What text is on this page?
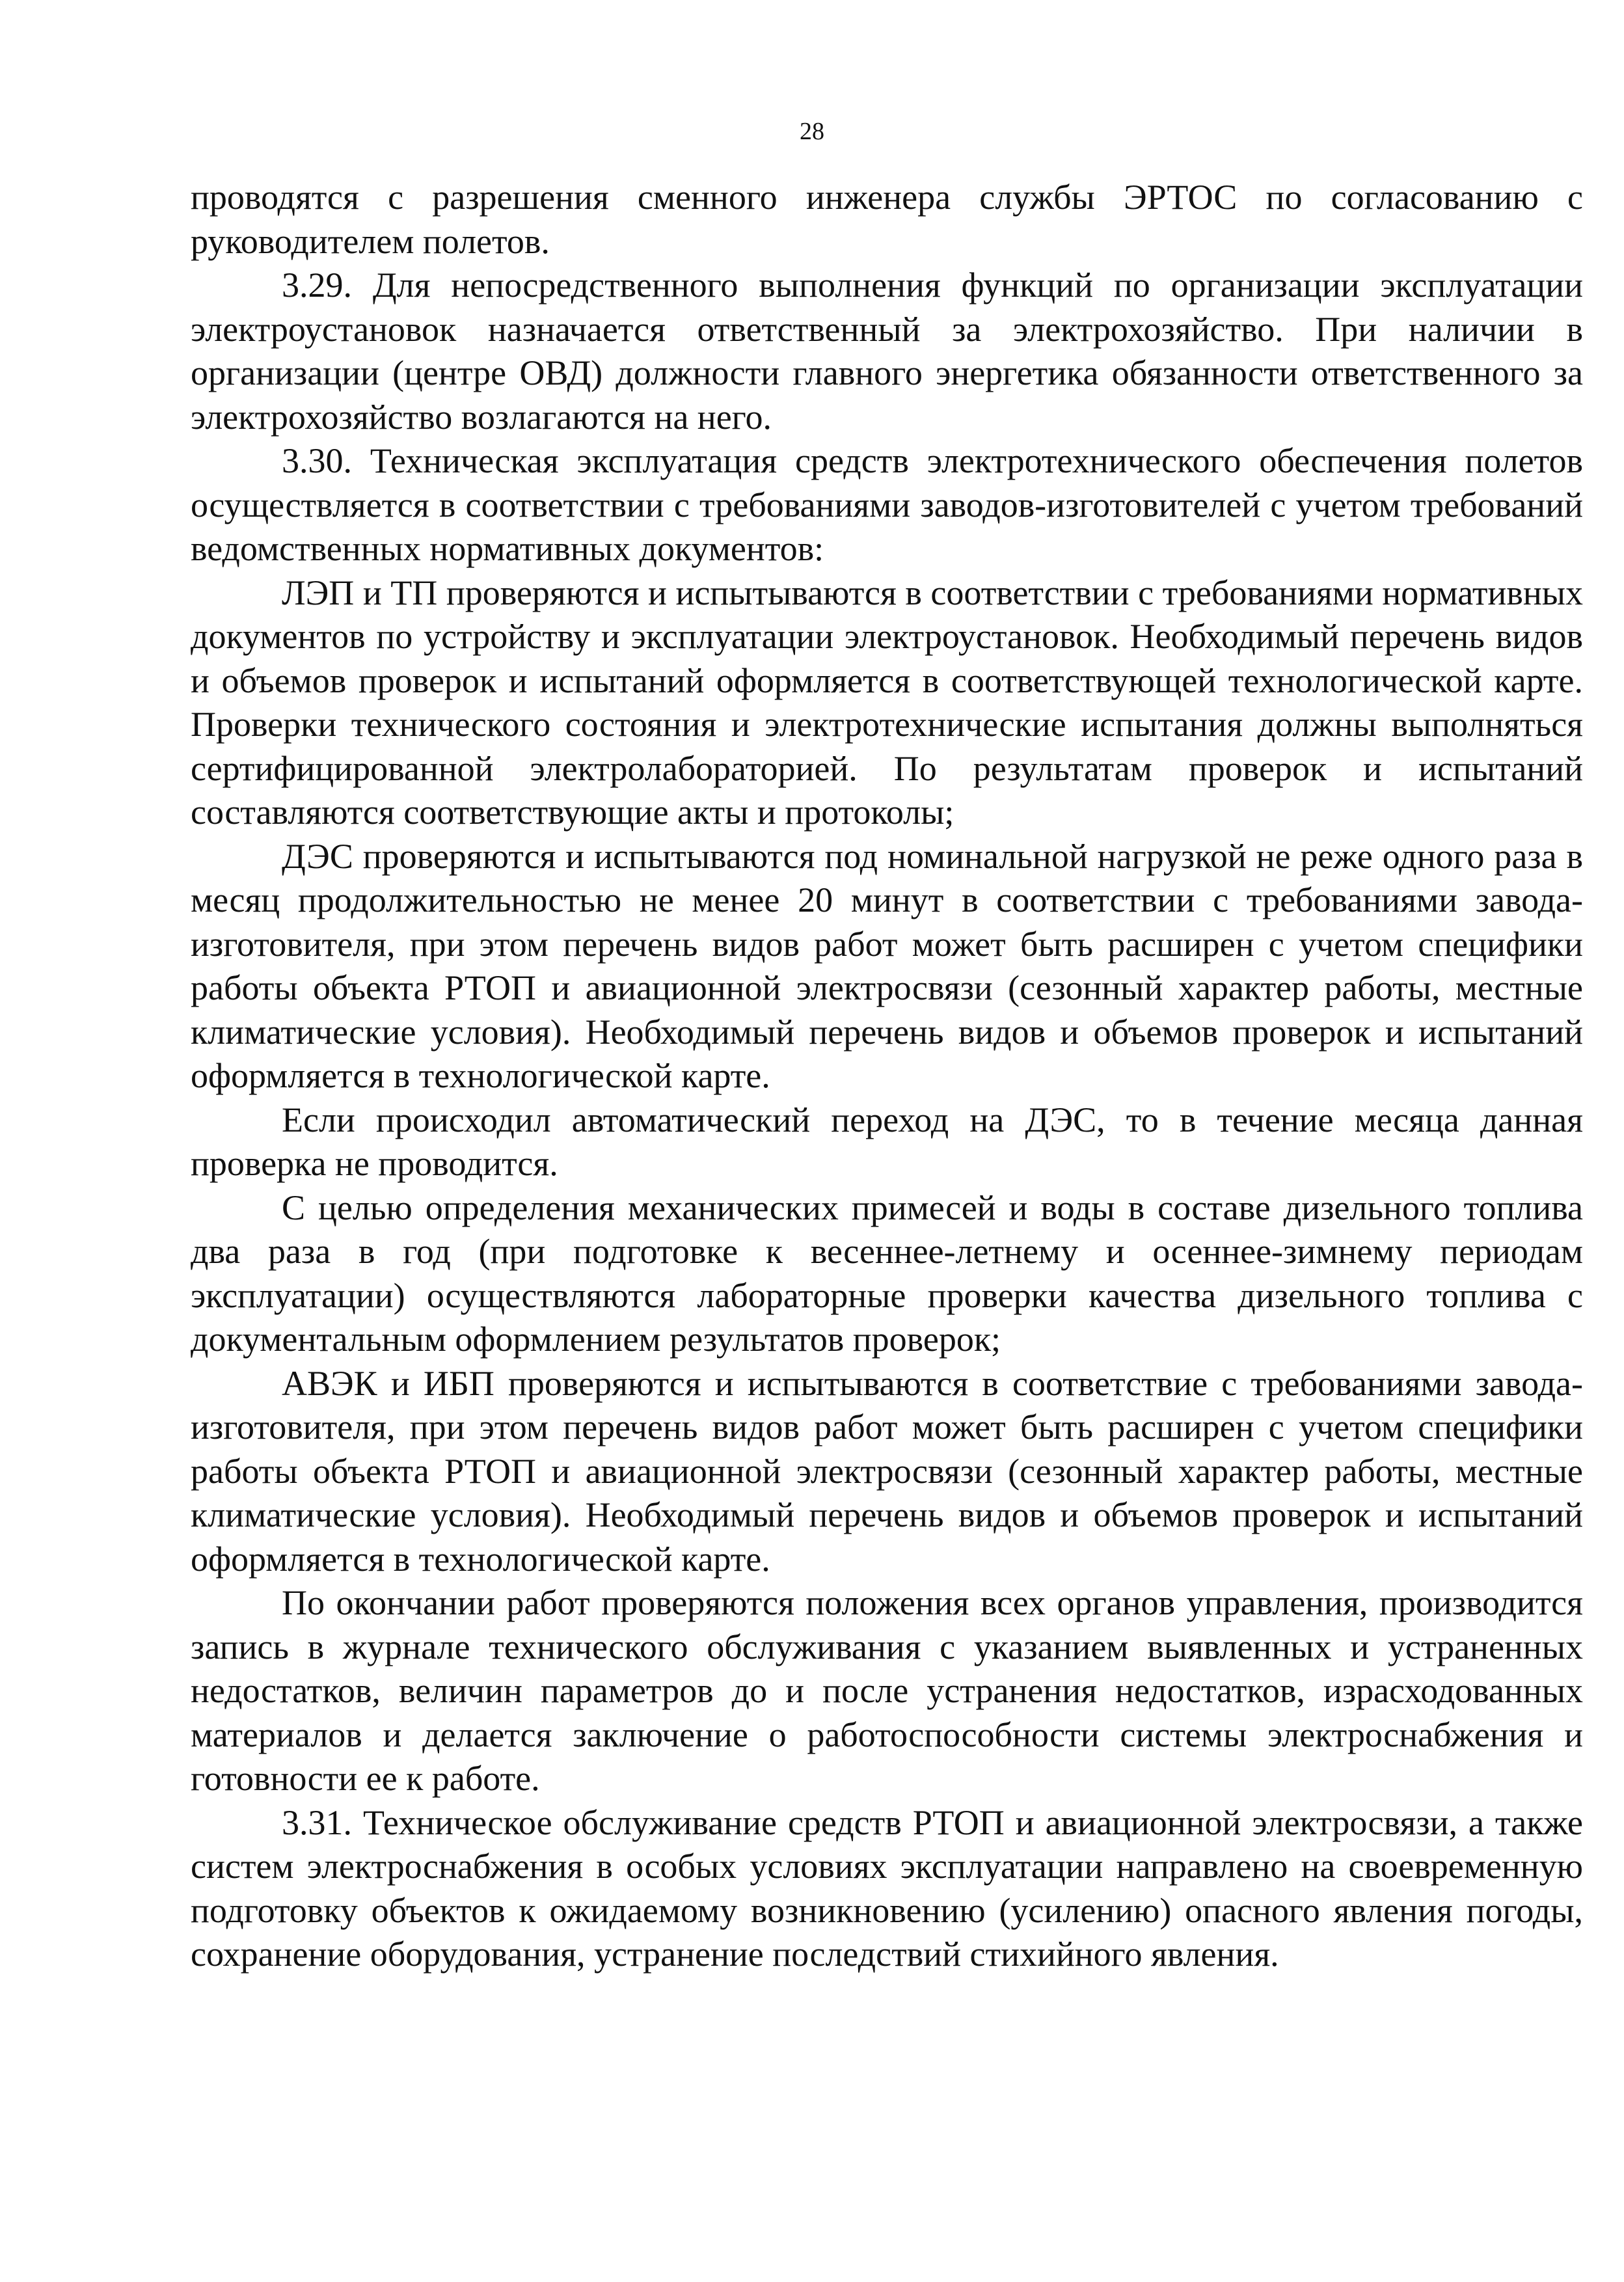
28

проводятся с разрешения сменного инженера службы ЭРТОС по согласованию с руководителем полетов.

3.29. Для непосредственного выполнения функций по организации эксплуатации электроустановок назначается ответственный за электрохозяйство. При наличии в организации (центре ОВД) должности главного энергетика обязанности ответственного за электрохозяйство возлагаются на него.

3.30. Техническая эксплуатация средств электротехнического обеспечения полетов осуществляется в соответствии с требованиями заводов-изготовителей с учетом требований ведомственных нормативных документов:

ЛЭП и ТП проверяются и испытываются в соответствии с требованиями нормативных документов по устройству и эксплуатации электроустановок. Необходимый перечень видов и объемов проверок и испытаний оформляется в соответствующей технологической карте. Проверки технического состояния и электротехнические испытания должны выполняться сертифицированной электролабораторией. По результатам проверок и испытаний составляются соответствующие акты и протоколы;

ДЭС проверяются и испытываются под номинальной нагрузкой не реже одного раза в месяц продолжительностью не менее 20 минут в соответствии с требованиями завода-изготовителя, при этом перечень видов работ может быть расширен с учетом специфики работы объекта РТОП и авиационной электросвязи (сезонный характер работы, местные климатические условия). Необходимый перечень видов и объемов проверок и испытаний оформляется в технологической карте.

Если происходил автоматический переход на ДЭС, то в течение месяца данная проверка не проводится.

С целью определения механических примесей и воды в составе дизельного топлива два раза в год (при подготовке к весеннее-летнему и осеннее-зимнему периодам эксплуатации) осуществляются лабораторные проверки качества дизельного топлива с документальным оформлением результатов проверок;

АВЭК и ИБП проверяются и испытываются в соответствие с требованиями завода-изготовителя, при этом перечень видов работ может быть расширен с учетом специфики работы объекта РТОП и авиационной электросвязи (сезонный характер работы, местные климатические условия). Необходимый перечень видов и объемов проверок и испытаний оформляется в технологической карте.

По окончании работ проверяются положения всех органов управления, производится запись в журнале технического обслуживания с указанием выявленных и устраненных недостатков, величин параметров до и после устранения недостатков, израсходованных материалов и делается заключение о работоспособности системы электроснабжения и готовности ее к работе.

3.31. Техническое обслуживание средств РТОП и авиационной электросвязи, а также систем электроснабжения в особых условиях эксплуатации направлено на своевременную подготовку объектов к ожидаемому возникновению (усилению) опасного явления погоды, сохранение оборудования, устранение последствий стихийного явления.
